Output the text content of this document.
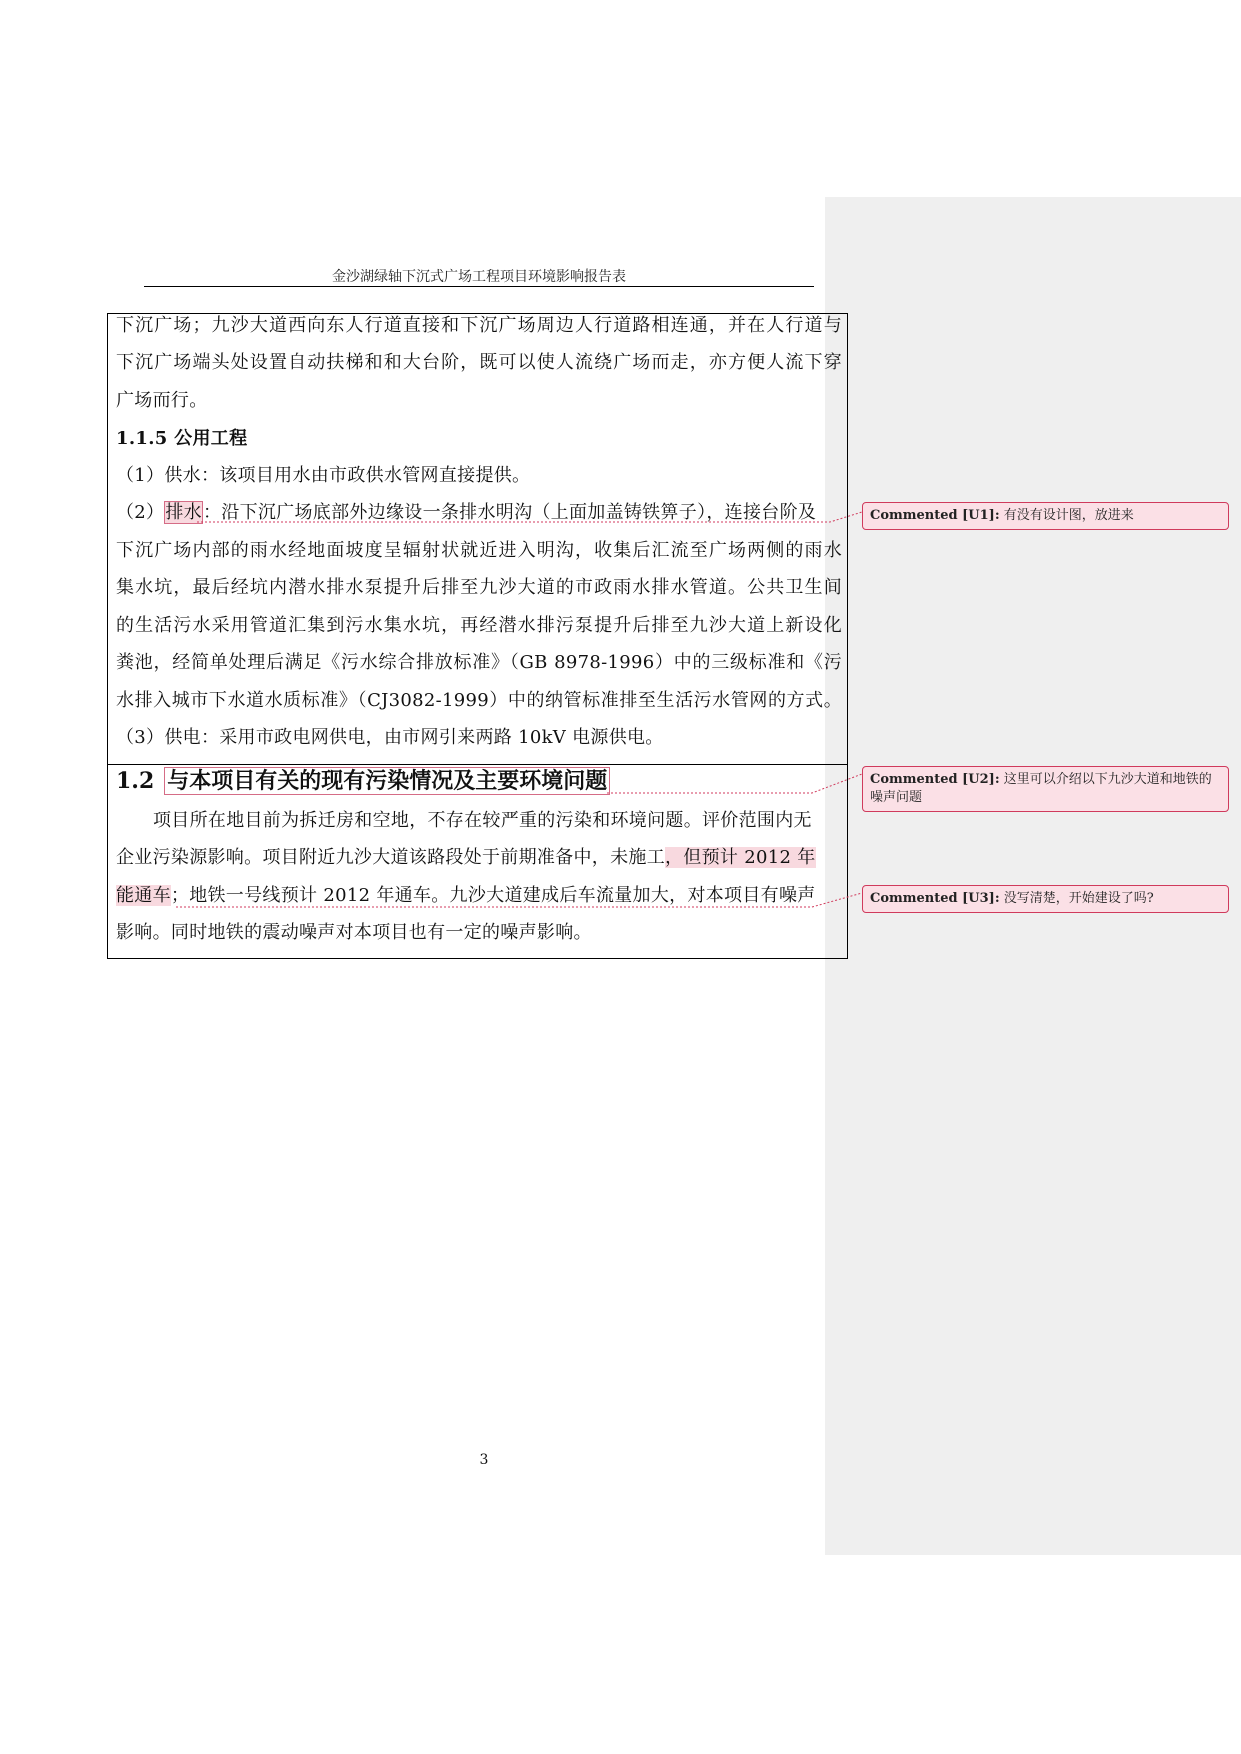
金沙湖绿轴下沉式广场工程项目环境影响报告表
下沉广场；九沙大道西向东人行道直接和下沉广场周边人行道路相连通，并在人行道与
下沉广场端头处设置自动扶梯和和大台阶，既可以使人流绕广场而走，亦方便人流下穿
广场而行。
1.1.5 公用工程
（1）供水：该项目用水由市政供水管网直接提供。
（2）排水：沿下沉广场底部外边缘设一条排水明沟（上面加盖铸铁箅子），连接台阶及
下沉广场内部的雨水经地面坡度呈辐射状就近进入明沟，收集后汇流至广场两侧的雨水
集水坑，最后经坑内潜水排水泵提升后排至九沙大道的市政雨水排水管道。公共卫生间
的生活污水采用管道汇集到污水集水坑，再经潜水排污泵提升后排至九沙大道上新设化
粪池，经简单处理后满足《污水综合排放标准》（GB 8978-1996）中的三级标准和《污
水排入城市下水道水质标准》（CJ3082-1999）中的纳管标准排至生活污水管网的方式。
（3）供电：采用市政电网供电，由市网引来两路 10kV 电源供电。
1.2 与本项目有关的现有污染情况及主要环境问题
项目所在地目前为拆迁房和空地，不存在较严重的污染和环境问题。评价范围内无
企业污染源影响。项目附近九沙大道该路段处于前期准备中，未施工，但预计 2012 年
能通车；地铁一号线预计 2012 年通车。九沙大道建成后车流量加大，对本项目有噪声
影响。同时地铁的震动噪声对本项目也有一定的噪声影响。
Commented [U1]: 有没有设计图，放进来
Commented [U2]: 这里可以介绍以下九沙大道和地铁的噪声问题
Commented [U3]: 没写清楚，开始建设了吗?
3
